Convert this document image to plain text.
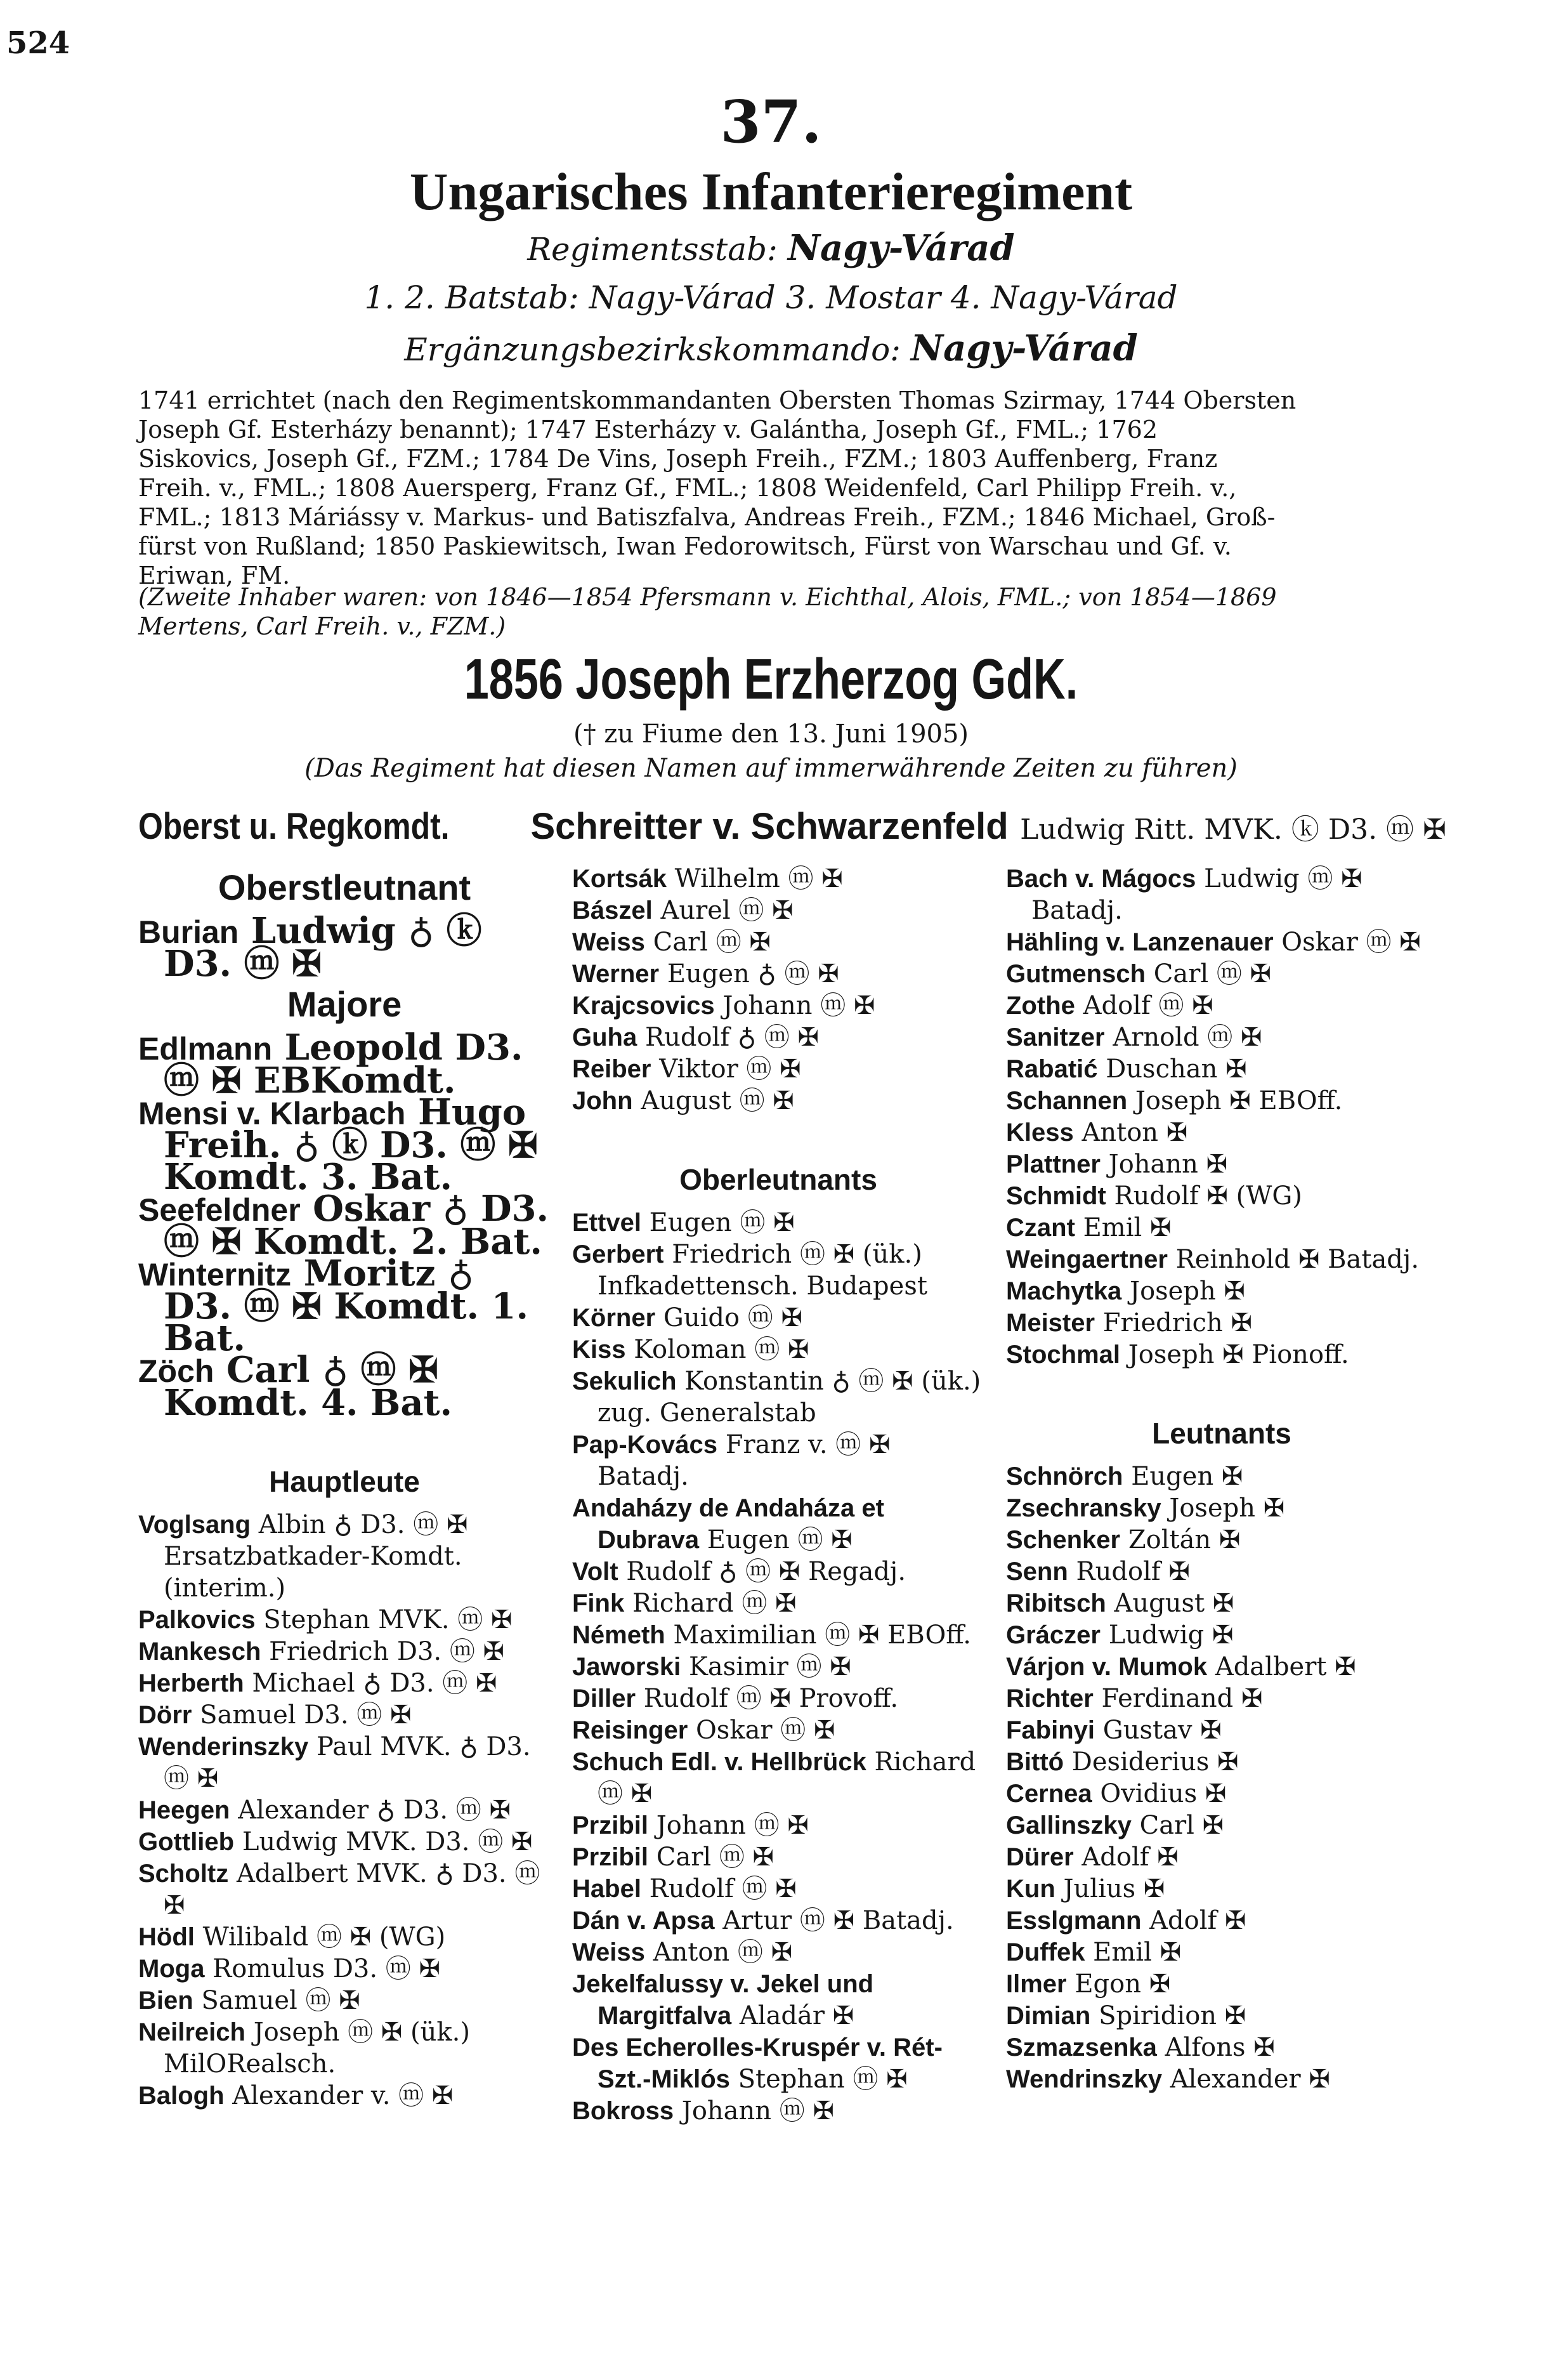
524
37.
Ungarisches Infanterieregiment
Regimentsstab: Nagy-Várad
1. 2. Batstab: Nagy-Várad 3. Mostar 4. Nagy-Várad
Ergänzungsbezirkskommando: Nagy-Várad

1741 errichtet (nach den Regimentskommandanten Obersten Thomas Szirmay, 1744 Obersten

Joseph Gf. Esterházy benannt); 1747 Esterházy v. Galántha, Joseph Gf., FML.; 1762

Siskovics, Joseph Gf., FZM.; 1784 De Vins, Joseph Freih., FZM.; 1803 Auffenberg, Franz

Freih. v., FML.; 1808 Auersperg, Franz Gf., FML.; 1808 Weidenfeld, Carl Philipp Freih. v.,

FML.; 1813 Máriássy v. Markus- und Batiszfalva, Andreas Freih., FZM.; 1846 Michael, Groß-

fürst von Rußland; 1850 Paskiewitsch, Iwan Fedorowitsch, Fürst von Warschau und Gf. v.

Eriwan, FM.

(Zweite Inhaber waren: von 1846—1854 Pfersmann v. Eichthal, Alois, FML.; von 1854—1869
Mertens, Carl Freih. v., FZM.)
1856 Joseph Erzherzog GdK.
(† zu Fiume den 13. Juni 1905)
(Das Regiment hat diesen Namen auf immerwährende Zeiten zu führen)
Oberst u. Regkomdt. Schreitter v. Schwarzenfeld Ludwig Ritt. MVK. ⓚ D3. ⓜ ✠
Oberstleutnant
Burian Ludwig ♁ ⓚ D3. ⓜ ✠
Majore
Edlmann Leopold D3. ⓜ ✠ EBKomdt.
Mensi v. Klarbach Hugo Freih. ♁ ⓚ D3. ⓜ ✠ Komdt. 3. Bat.
Seefeldner Oskar ♁ D3. ⓜ ✠ Komdt. 2. Bat.
Winternitz Moritz ♁ D3. ⓜ ✠ Komdt. 1. Bat.
Zöch Carl ♁ ⓜ ✠ Komdt. 4. Bat.
Hauptleute
Voglsang Albin ♁ D3. ⓜ ✠ Ersatzbatkader-Komdt. (interim.)
Palkovics Stephan MVK. ⓜ ✠
Mankesch Friedrich D3. ⓜ ✠
Herberth Michael ♁ D3. ⓜ ✠
Dörr Samuel D3. ⓜ ✠
Wenderinszky Paul MVK. ♁ D3. ⓜ ✠
Heegen Alexander ♁ D3. ⓜ ✠
Gottlieb Ludwig MVK. D3. ⓜ ✠
Scholtz Adalbert MVK. ♁ D3. ⓜ ✠
Hödl Wilibald ⓜ ✠ (WG)
Moga Romulus D3. ⓜ ✠
Bien Samuel ⓜ ✠
Neilreich Joseph ⓜ ✠ (ük.) MilORealsch.
Balogh Alexander v. ⓜ ✠
Kortsák Wilhelm ⓜ ✠
Bászel Aurel ⓜ ✠
Weiss Carl ⓜ ✠
Werner Eugen ♁ ⓜ ✠
Krajcsovics Johann ⓜ ✠
Guha Rudolf ♁ ⓜ ✠
Reiber Viktor ⓜ ✠
John August ⓜ ✠
Oberleutnants
Ettvel Eugen ⓜ ✠
Gerbert Friedrich ⓜ ✠ (ük.) Infkadettensch. Budapest
Körner Guido ⓜ ✠
Kiss Koloman ⓜ ✠
Sekulich Konstantin ♁ ⓜ ✠ (ük.) zug. Generalstab
Pap-Kovács Franz v. ⓜ ✠ Batadj.
Andaházy de Andaháza et Dubrava Eugen ⓜ ✠
Volt Rudolf ♁ ⓜ ✠ Regadj.
Fink Richard ⓜ ✠
Németh Maximilian ⓜ ✠ EBOff.
Jaworski Kasimir ⓜ ✠
Diller Rudolf ⓜ ✠ Provoff.
Reisinger Oskar ⓜ ✠
Schuch Edl. v. Hellbrück Richard ⓜ ✠
Przibil Johann ⓜ ✠
Przibil Carl ⓜ ✠
Habel Rudolf ⓜ ✠
Dán v. Apsa Artur ⓜ ✠ Batadj.
Weiss Anton ⓜ ✠
Jekelfalussy v. Jekel und Margitfalva Aladár ✠
Des Echerolles-Kruspér v. Rét-Szt.-Miklós Stephan ⓜ ✠
Bokross Johann ⓜ ✠
Bach v. Mágocs Ludwig ⓜ ✠ Batadj.
Hähling v. Lanzenauer Oskar ⓜ ✠
Gutmensch Carl ⓜ ✠
Zothe Adolf ⓜ ✠
Sanitzer Arnold ⓜ ✠
Rabatić Duschan ✠
Schannen Joseph ✠ EBOff.
Kless Anton ✠
Plattner Johann ✠
Schmidt Rudolf ✠ (WG)
Czant Emil ✠
Weingaertner Reinhold ✠ Batadj.
Machytka Joseph ✠
Meister Friedrich ✠
Stochmal Joseph ✠ Pionoff.
Leutnants
Schnörch Eugen ✠
Zsechransky Joseph ✠
Schenker Zoltán ✠
Senn Rudolf ✠
Ribitsch August ✠
Gráczer Ludwig ✠
Várjon v. Mumok Adalbert ✠
Richter Ferdinand ✠
Fabinyi Gustav ✠
Bittó Desiderius ✠
Cernea Ovidius ✠
Gallinszky Carl ✠
Dürer Adolf ✠
Kun Julius ✠
Esslgmann Adolf ✠
Duffek Emil ✠
Ilmer Egon ✠
Dimian Spiridion ✠
Szmazsenka Alfons ✠
Wendrinszky Alexander ✠
